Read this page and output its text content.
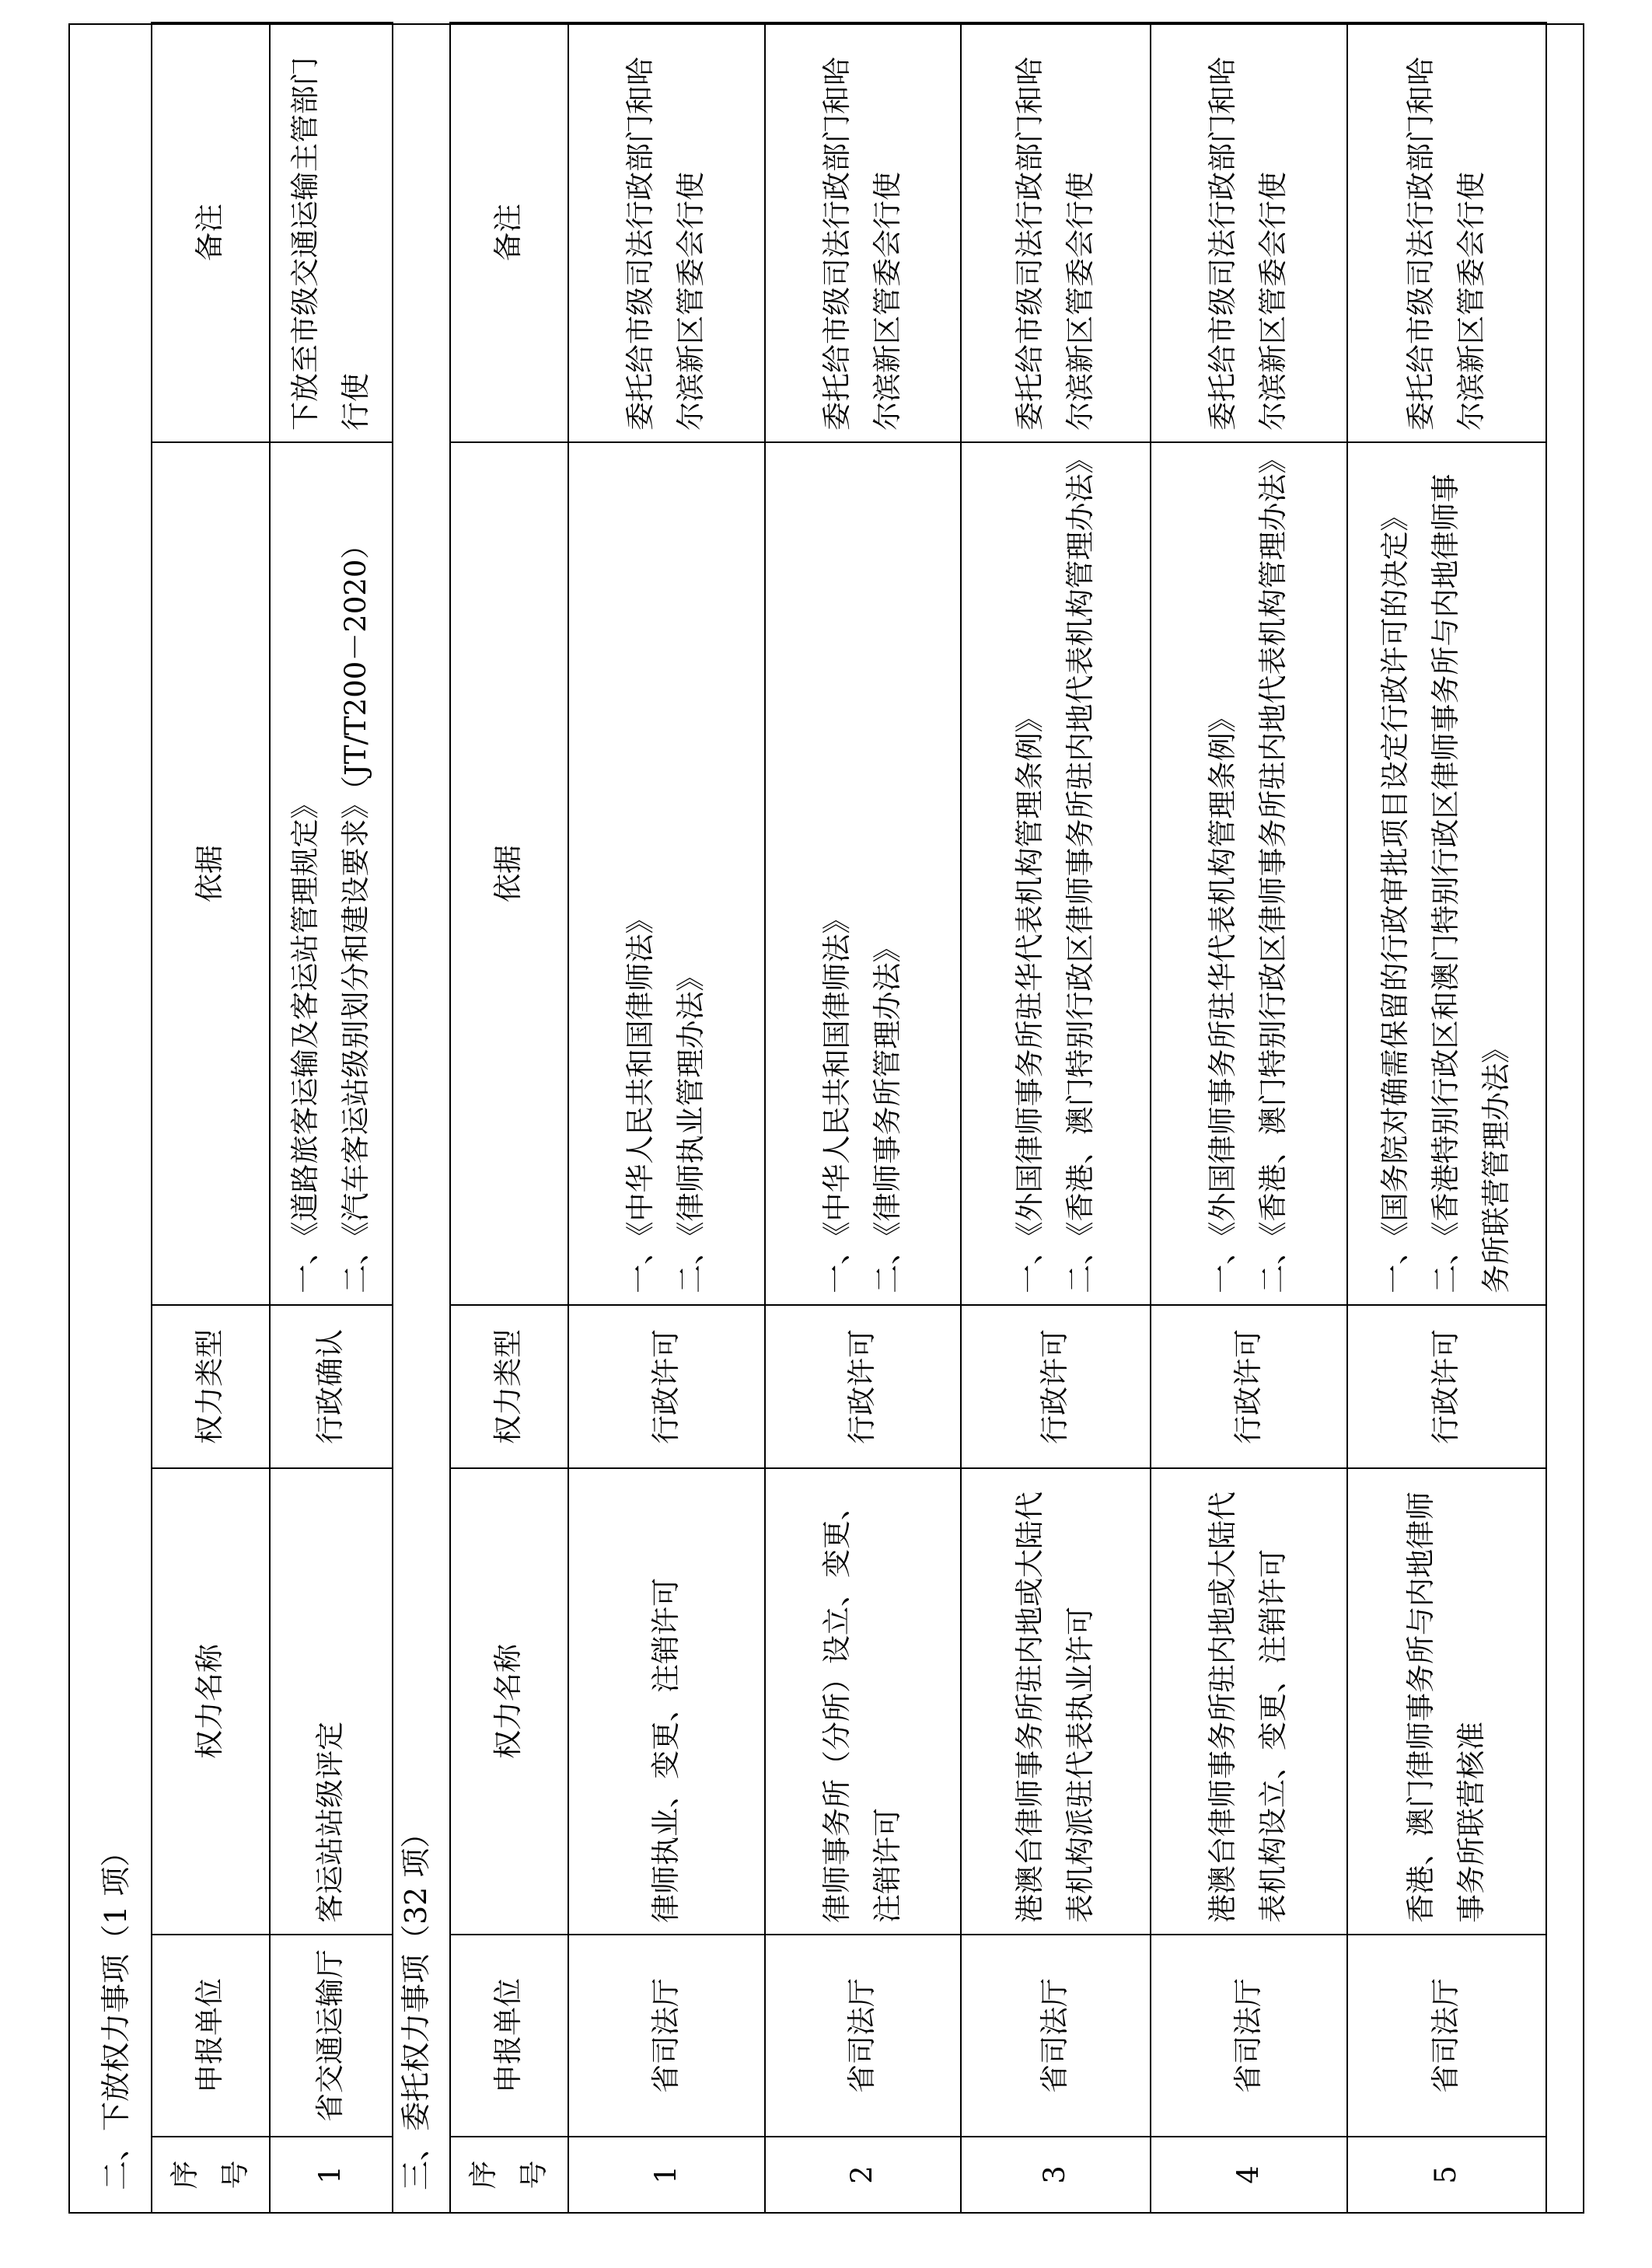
二、下放权力事项（1 项） 序号	申报单位	权力名称	权力类型	依据	备注
1	省交通运输厅	客运站站级评定	行政确认	一、《道路旅客运输及客运站管理规定》 二、《汽车客运站级别划分和建设要求》（JT/T200－2020）	下放至市级交通运输主管部门行使
三、委托权力事项（32 项） 序号	申报单位	权力名称	权力类型	依据	备注
1	省司法厅	律师执业、变更、注销许可	行政许可	一、《中华人民共和国律师法》 二、《律师执业管理办法》	委托给市级司法行政部门和哈尔滨新区管委会行使
2	省司法厅	律师事务所（分所）设立、变更、注销许可	行政许可	一、《中华人民共和国律师法》 二、《律师事务所管理办法》	委托给市级司法行政部门和哈尔滨新区管委会行使
3	省司法厅	港澳台律师事务所驻内地或大陆代表机构派驻代表执业许可	行政许可	一、《外国律师事务所驻华代表机构管理条例》 二、《香港、澳门特别行政区律师事务所驻内地代表机构管理办法》	委托给市级司法行政部门和哈尔滨新区管委会行使
4	省司法厅	港澳台律师事务所驻内地或大陆代表机构设立、变更、注销许可	行政许可	一、《外国律师事务所驻华代表机构管理条例》 二、《香港、澳门特别行政区律师事务所驻内地代表机构管理办法》	委托给市级司法行政部门和哈尔滨新区管委会行使
5	省司法厅	香港、澳门律师事务所与内地律师事务所联营核准	行政许可	一、《国务院对确需保留的行政审批项目设定行政许可的决定》 二、《香港特别行政区和澳门特别行政区律师事务所与内地律师事务所联营管理办法》	委托给市级司法行政部门和哈尔滨新区管委会行使
